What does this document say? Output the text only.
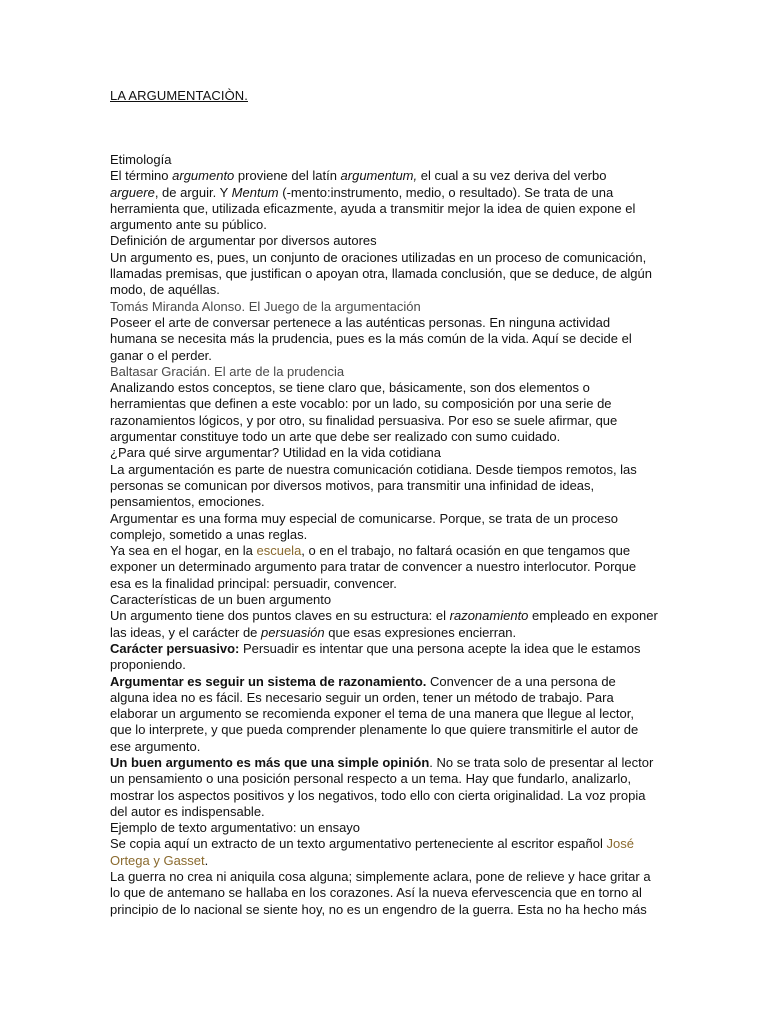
LA ARGUMENTACIÒN.

Etimología

El término argumento proviene del latín argumentum, el cual a su vez deriva del verbo arguere, de arguir. Y Mentum (-mento:instrumento, medio, o resultado). Se trata de una herramienta que, utilizada eficazmente, ayuda a transmitir mejor la idea de quien expone el argumento ante su público.

Definición de argumentar por diversos autores

Un argumento es, pues, un conjunto de oraciones utilizadas en un proceso de comunicación, llamadas premisas, que justifican o apoyan otra, llamada conclusión, que se deduce, de algún modo, de aquéllas.

Tomás Miranda Alonso. El Juego de la argumentación

Poseer el arte de conversar pertenece a las auténticas personas. En ninguna actividad humana se necesita más la prudencia, pues es la más común de la vida. Aquí se decide el ganar o el perder.

Baltasar Gracián. El arte de la prudencia

Analizando estos conceptos, se tiene claro que, básicamente, son dos elementos o herramientas que definen a este vocablo: por un lado, su composición por una serie de razonamientos lógicos, y por otro, su finalidad persuasiva. Por eso se suele afirmar, que argumentar constituye todo un arte que debe ser realizado con sumo cuidado.

¿Para qué sirve argumentar? Utilidad en la vida cotidiana

La argumentación es parte de nuestra comunicación cotidiana. Desde tiempos remotos, las personas se comunican por diversos motivos, para transmitir una infinidad de ideas, pensamientos, emociones.

Argumentar es una forma muy especial de comunicarse. Porque, se trata de un proceso complejo, sometido a unas reglas.

Ya sea en el hogar, en la escuela, o en el trabajo, no faltará ocasión en que tengamos que exponer un determinado argumento para tratar de convencer a nuestro interlocutor. Porque esa es la finalidad principal: persuadir, convencer.

Características de un buen argumento

Un argumento tiene dos puntos claves en su estructura: el razonamiento empleado en exponer las ideas, y el carácter de persuasión que esas expresiones encierran.

Carácter persuasivo: Persuadir es intentar que una persona acepte la idea que le estamos proponiendo.

Argumentar es seguir un sistema de razonamiento. Convencer de a una persona de alguna idea no es fácil. Es necesario seguir un orden, tener un método de trabajo. Para elaborar un argumento se recomienda exponer el tema de una manera que llegue al lector, que lo interprete, y que pueda comprender plenamente lo que quiere transmitirle el autor de ese argumento.

Un buen argumento es más que una simple opinión. No se trata solo de presentar al lector un pensamiento o una posición personal respecto a un tema. Hay que fundarlo, analizarlo, mostrar los aspectos positivos y los negativos, todo ello con cierta originalidad. La voz propia del autor es indispensable.

Ejemplo de texto argumentativo: un ensayo

Se copia aquí un extracto de un texto argumentativo perteneciente al escritor español José Ortega y Gasset.

La guerra no crea ni aniquila cosa alguna; simplemente aclara, pone de relieve y hace gritar a lo que de antemano se hallaba en los corazones. Así la nueva efervescencia que en torno al principio de lo nacional se siente hoy, no es un engendro de la guerra. Esta no ha hecho más
